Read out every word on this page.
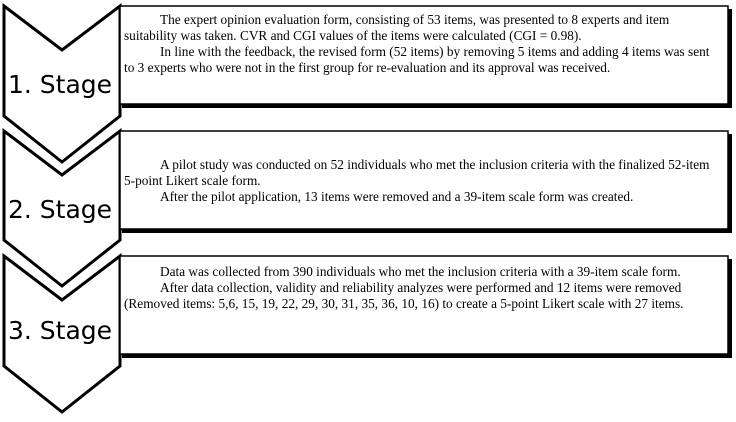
1. Stage

The expert opinion evaluation form, consisting of 53 items, was presented to 8 experts and item suitability was taken. CVR and CGI values of the items were calculated (CGI = 0.98).

In line with the feedback, the revised form (52 items) by removing 5 items and adding 4 items was sent to 3 experts who were not in the first group for re-evaluation and its approval was received.

2. Stage

A pilot study was conducted on 52 individuals who met the inclusion criteria with the finalized 52-item 5-point Likert scale form.

After the pilot application, 13 items were removed and a 39-item scale form was created.

3. Stage

Data was collected from 390 individuals who met the inclusion criteria with a 39-item scale form.

After data collection, validity and reliability analyzes were performed and 12 items were removed (Removed items: 5,6, 15, 19, 22, 29, 30, 31, 35, 36, 10, 16) to create a 5-point Likert scale with 27 items.
